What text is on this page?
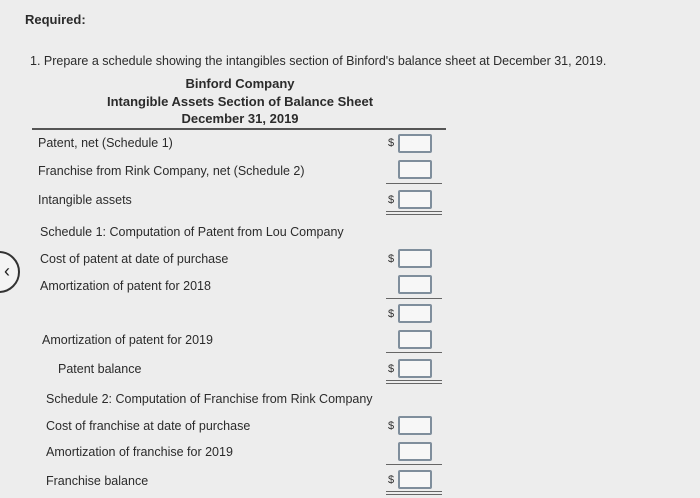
‹
Required:
1. Prepare a schedule showing the intangibles section of Binford's balance sheet at December 31, 2019.
Binford Company
Intangible Assets Section of Balance Sheet
December 31, 2019
Patent, net (Schedule 1)	$
Franchise from Rink Company, net (Schedule 2)
Intangible assets	$
Schedule 1: Computation of Patent from Lou Company
Cost of patent at date of purchase	$
Amortization of patent for 2018
$
Amortization of patent for 2019
Patent balance	$
Schedule 2: Computation of Franchise from Rink Company
Cost of franchise at date of purchase	$
Amortization of franchise for 2019
Franchise balance	$
